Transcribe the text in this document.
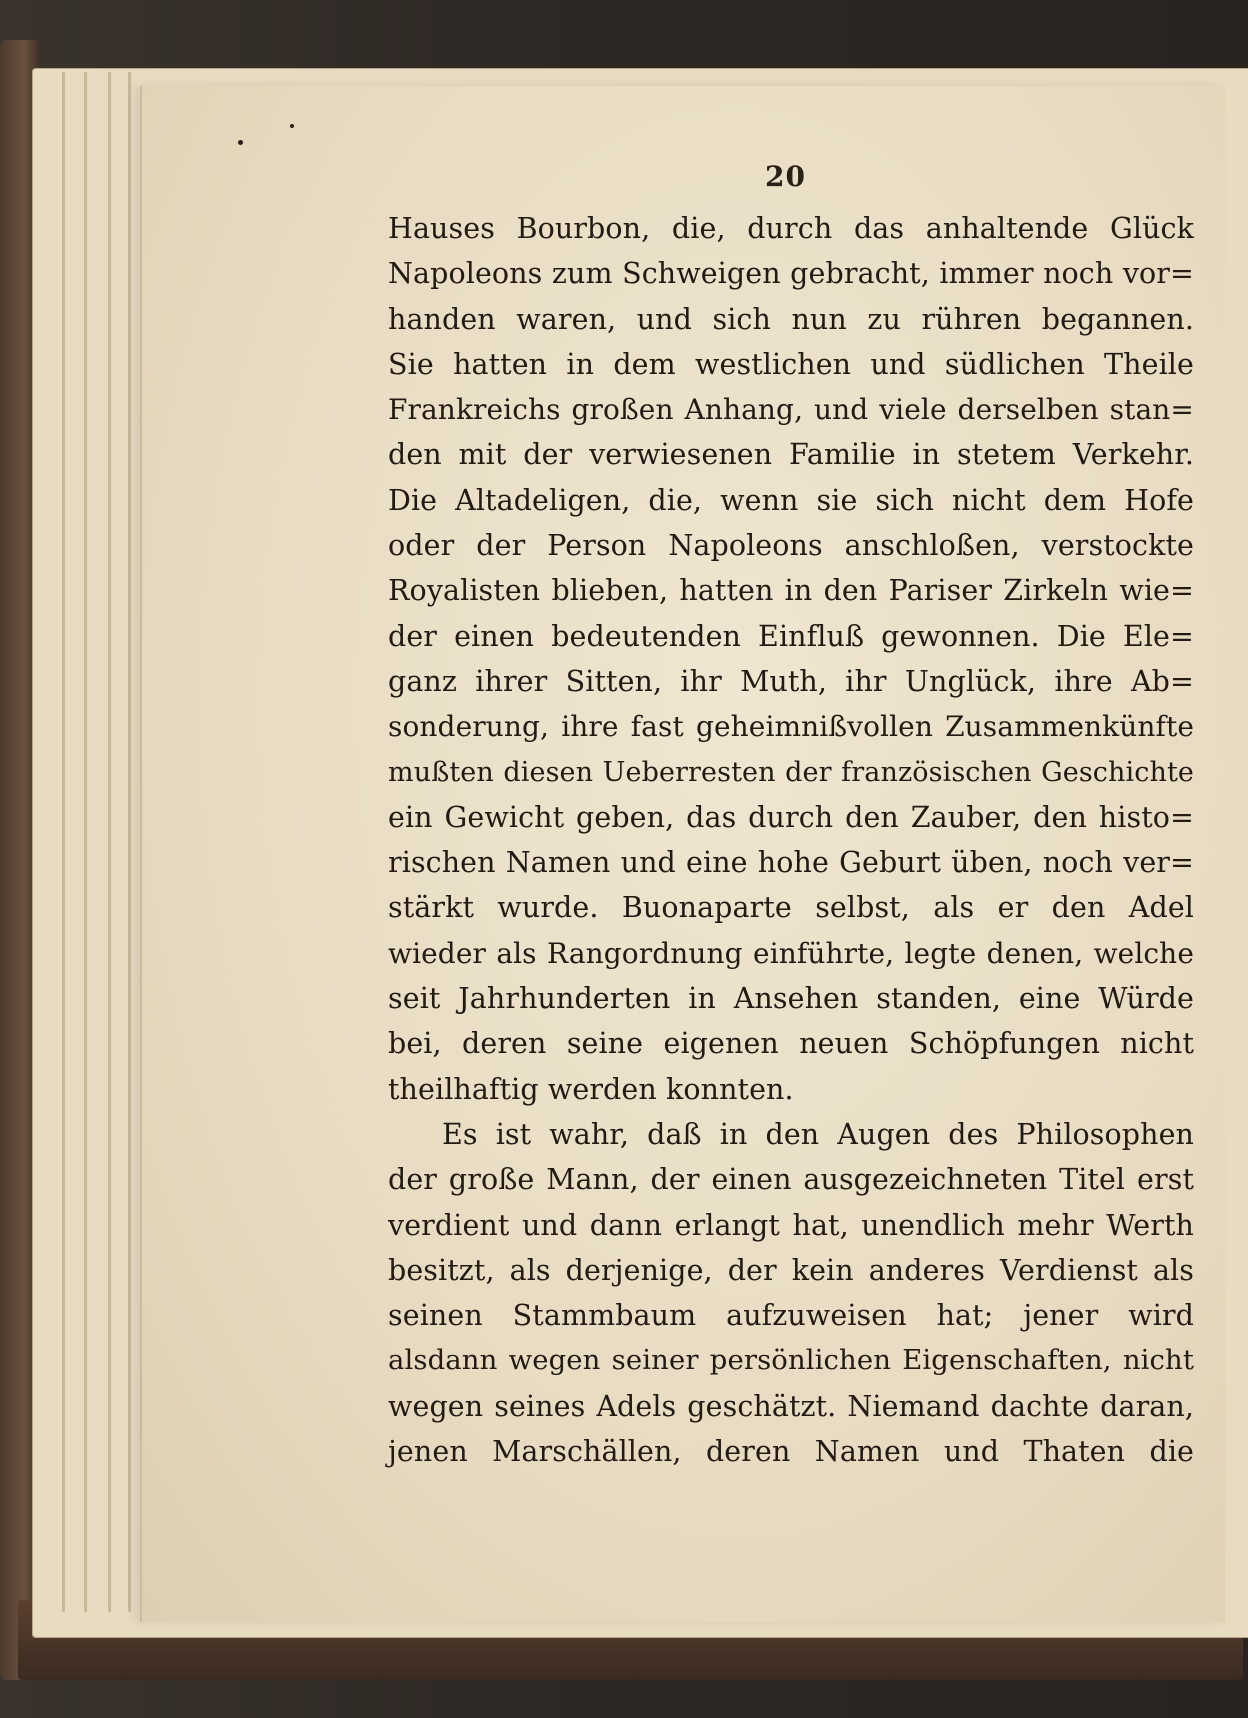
20
Hauses Bourbon, die, durch das anhaltende Glück
Napoleons zum Schweigen gebracht, immer noch vor=
handen waren, und sich nun zu rühren begannen.
Sie hatten in dem westlichen und südlichen Theile
Frankreichs großen Anhang, und viele derselben stan=
den mit der verwiesenen Familie in stetem Verkehr.
Die Altadeligen, die, wenn sie sich nicht dem Hofe
oder der Person Napoleons anschloßen, verstockte
Royalisten blieben, hatten in den Pariser Zirkeln wie=
der einen bedeutenden Einfluß gewonnen. Die Ele=
ganz ihrer Sitten, ihr Muth, ihr Unglück, ihre Ab=
sonderung, ihre fast geheimnißvollen Zusammenkünfte
mußten diesen Ueberresten der französischen Geschichte
ein Gewicht geben, das durch den Zauber, den histo=
rischen Namen und eine hohe Geburt üben, noch ver=
stärkt wurde. Buonaparte selbst, als er den Adel
wieder als Rangordnung einführte, legte denen, welche
seit Jahrhunderten in Ansehen standen, eine Würde
bei, deren seine eigenen neuen Schöpfungen nicht
theilhaftig werden konnten.
Es ist wahr, daß in den Augen des Philosophen
der große Mann, der einen ausgezeichneten Titel erst
verdient und dann erlangt hat, unendlich mehr Werth
besitzt, als derjenige, der kein anderes Verdienst als
seinen Stammbaum aufzuweisen hat; jener wird
alsdann wegen seiner persönlichen Eigenschaften, nicht
wegen seines Adels geschätzt. Niemand dachte daran,
jenen Marschällen, deren Namen und Thaten die
